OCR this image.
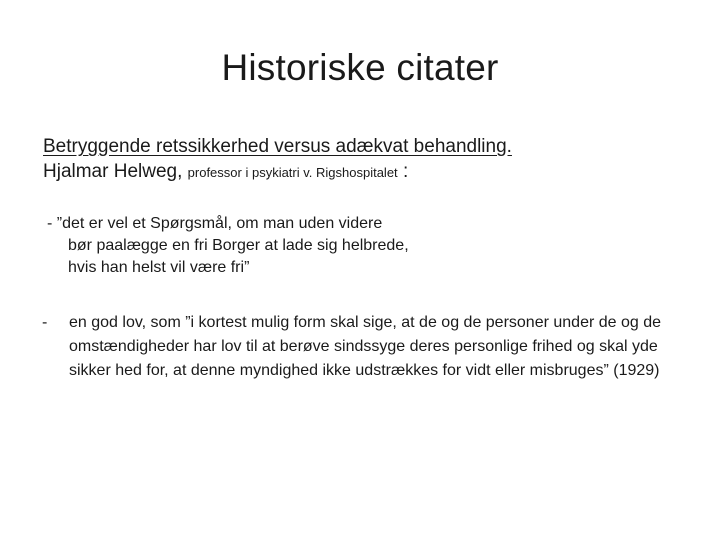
Historiske citater
Betryggende retssikkerhed versus adækvat behandling.
Hjalmar Helweg, professor i psykiatri v. Rigshospitalet :
- ”det er vel et Spørgsmål, om man uden videre
bør paalægge en fri Borger at lade sig helbrede,
hvis han helst vil være fri”
- en god lov, som ”i kortest mulig form skal sige, at de og de personer under de og de omstændigheder har lov til at berøve sindssyge deres personlige frihed og skal yde sikker hed for, at denne myndighed ikke udstrækkes for vidt eller misbruges” (1929)
